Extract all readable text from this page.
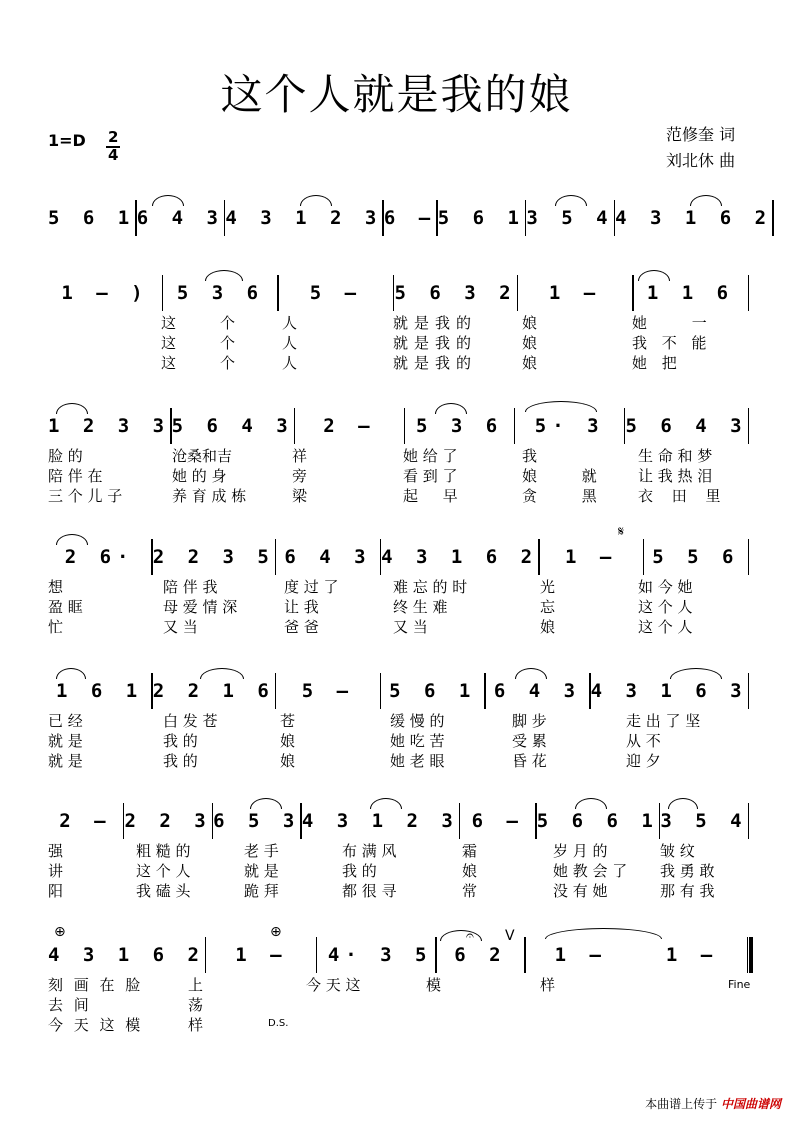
这个人就是我的娘
1=D 2
4
范修奎 词
刘北休 曲
5 6 1 6 4 3 4 3 1 2 3 6 — 5 6 1 3 5 4 4 3 1 6 2
1 — )	5 3 6	5 —	5 6 3 2	1 —	1 1 6
这	个	人	就是我的	娘	她 一
这	个	人	就是我的	娘	我 不 能
这	个	人	就是我的	娘	她 把
1 2 3 3 5 6 4 3	2 —	5 3 6	5· 3	5 6 4 3
脸 的	沧桑和吉	祥	她 给 了	我	生 命 和 梦
陪 伴 在	她 的 身	旁	看 到 了	娘 就	让 我 热 泪
三 个 儿 子	养 育 成 栋	梁	起 早	贪 黑	衣 田 里
2 6· 2 2 3 5 6 4 3 4 3 1 6 2	1 —	5 5 6
𝄋
想	陪 伴 我	度 过 了	难 忘 的 时	光	如 今 她
盈 眶	母 爱 情 深	让 我	终 生 难	忘	这 个 人
忙	又 当	爸 爸	又 当	娘	这 个 人
1 6 1 2 2 1 6	5 —	5 6 1 6 4 3 4 3 1 6 3
已 经	白 发 苍	苍	缓 慢 的	脚 步	走 出 了 坚
就 是	我 的	娘	她 吃 苦	受 累	从 不
就 是	我 的	娘	她 老 眼	昏 花	迎 夕
2 — 2 2 3 6 5 3 4 3 1 2 3 6 — 5 6 6 1 3 5 4
强	粗 糙 的	老 手	布 满 风	霜	岁 月 的	皱 纹
讲	这 个 人	就 是	我 的	娘	她 教 会 了 我 勇 敢
阳	我 磕 头	跪 拜	都 很 寻	常	没 有 她	那 有 我
4 3 1 6 2	1 —	4· 3 5	6 2	1 —	1 —
⊕	⊕	V
𝄐
刻 画 在 脸	上	今 天 这	模	样	Fine
去 间	荡
今 天 这 模	样	D.S.
本曲谱上传于 中国曲谱网
